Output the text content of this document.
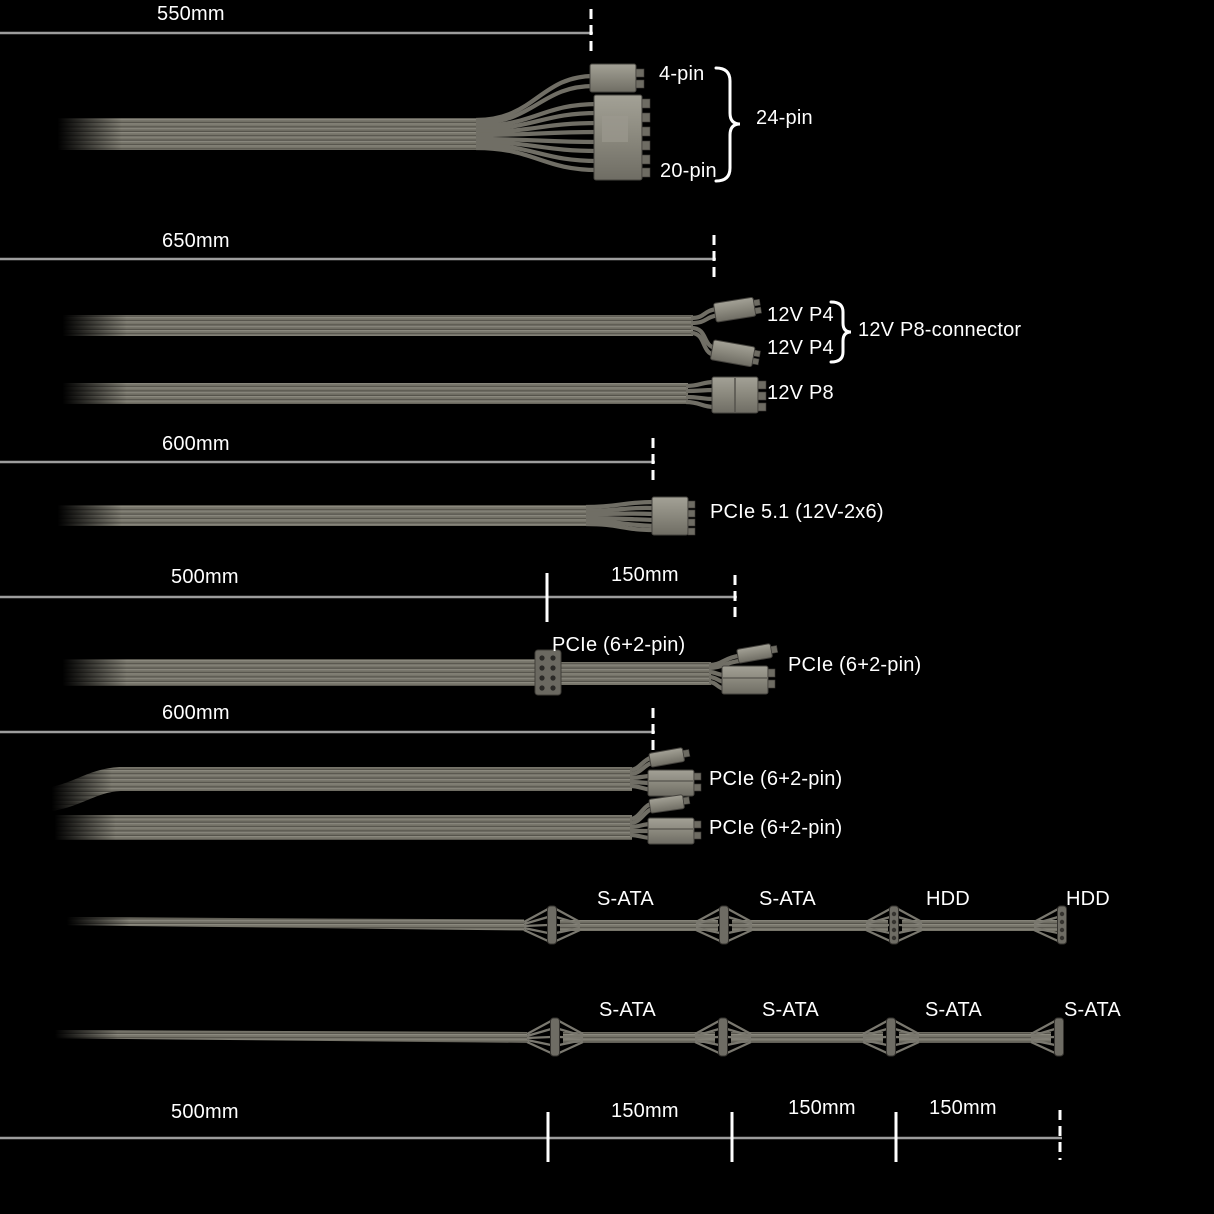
550mm
4-pin
24-pin
20-pin
650mm
12V P4
12V P8-connector
12V P4
12V P8
600mm
PCIe 5.1 (12V-2x6)
500mm	150mm
PCIe (6+2-pin)
PCIe (6+2-pin)
600mm
PCIe (6+2-pin)
PCIe (6+2-pin)
S-ATA	S-ATA	HDD	HDD
S-ATA	S-ATA	S-ATA	S-ATA
500mm	150mm	150mm	150mm
